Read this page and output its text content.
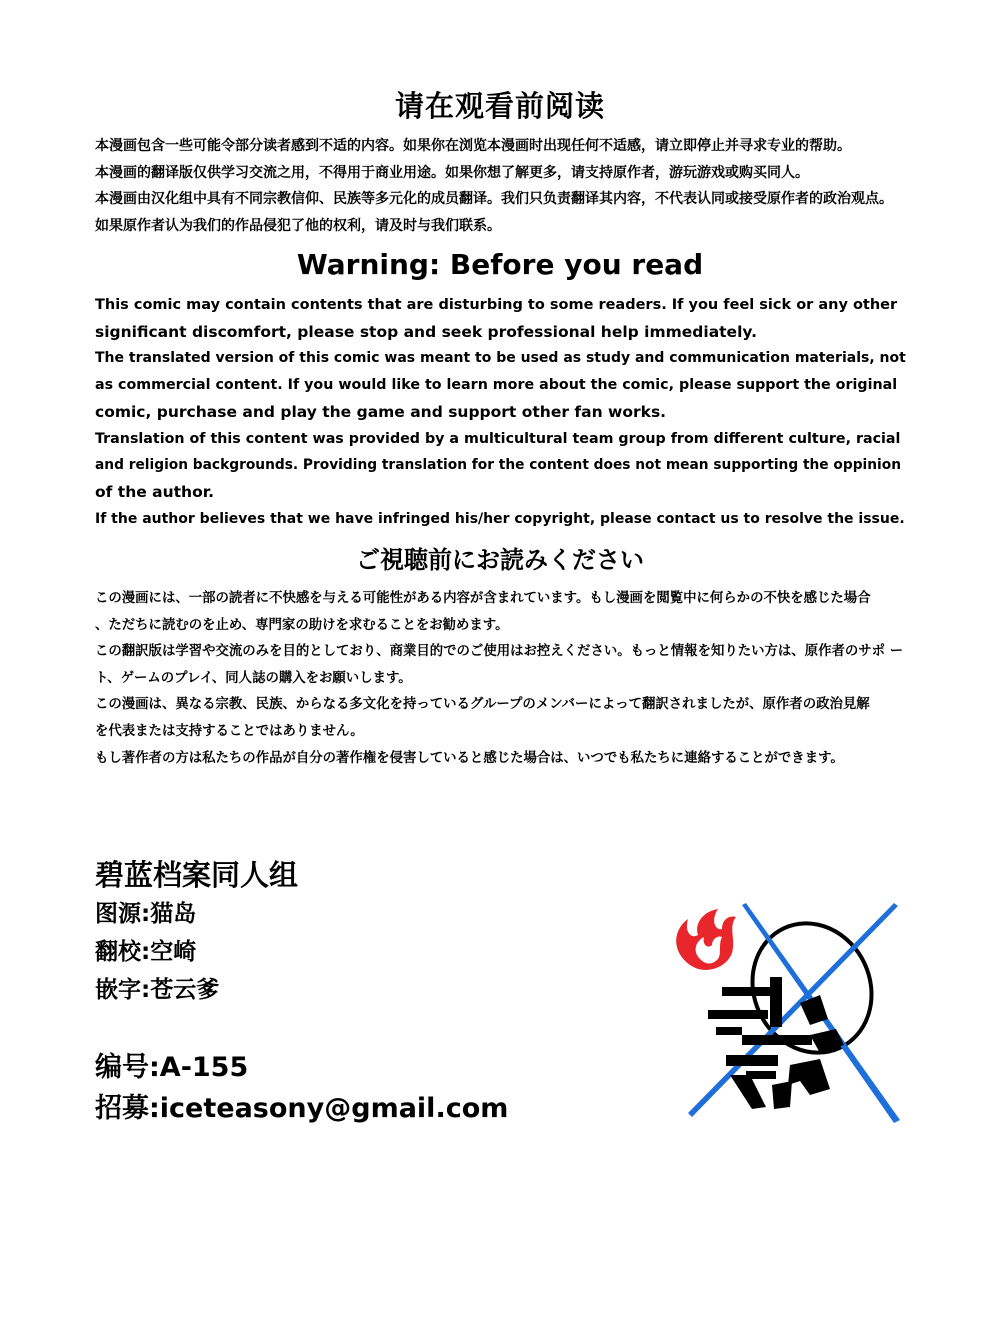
请在观看前阅读
本漫画包含一些可能令部分读者感到不适的内容。如果你在浏览本漫画时出现任何不适感，请立即停止并寻求专业的帮助。
本漫画的翻译版仅供学习交流之用，不得用于商业用途。如果你想了解更多，请支持原作者，游玩游戏或购买同人。
本漫画由汉化组中具有不同宗教信仰、民族等多元化的成员翻译。我们只负责翻译其内容，不代表认同或接受原作者的政治观点。
如果原作者认为我们的作品侵犯了他的权利，请及时与我们联系。
Warning: Before you read
This comic may contain contents that are disturbing to some readers. If you feel sick or any other
significant discomfort, please stop and seek professional help immediately.
The translated version of this comic was meant to be used as study and communication materials, not
as commercial content. If you would like to learn more about the comic, please support the original
comic, purchase and play the game and support other fan works.
Translation of this content was provided by a multicultural team group from different culture, racial
and religion backgrounds. Providing translation for the content does not mean supporting the oppinion
of the author.
If the author believes that we have infringed his/her copyright, please contact us to resolve the issue.
ご視聴前にお読みください
この漫画には、一部の読者に不快感を与える可能性がある内容が含まれています。もし漫画を閲覧中に何らかの不快を感じた場合
、ただちに読むのを止め、専門家の助けを求むることをお勧めます。
この翻訳版は学習や交流のみを目的としており、商業目的でのご使用はお控えください。もっと情報を知りたい方は、原作者のサポ ー
ト、ゲームのプレイ、同人誌の購入をお願いします。
この漫画は、異なる宗教、民族、からなる多文化を持っているグループのメンバーによって翻訳されましたが、原作者の政治見解
を代表または支持することではありません。
もし著作者の方は私たちの作品が自分の著作権を侵害していると感じた場合は、いつでも私たちに連絡することができます。
碧蓝档案同人组
图源:猫岛
翻校:空崎
嵌字:苍云爹
编号:A-155
招募:iceteasony@gmail.com
